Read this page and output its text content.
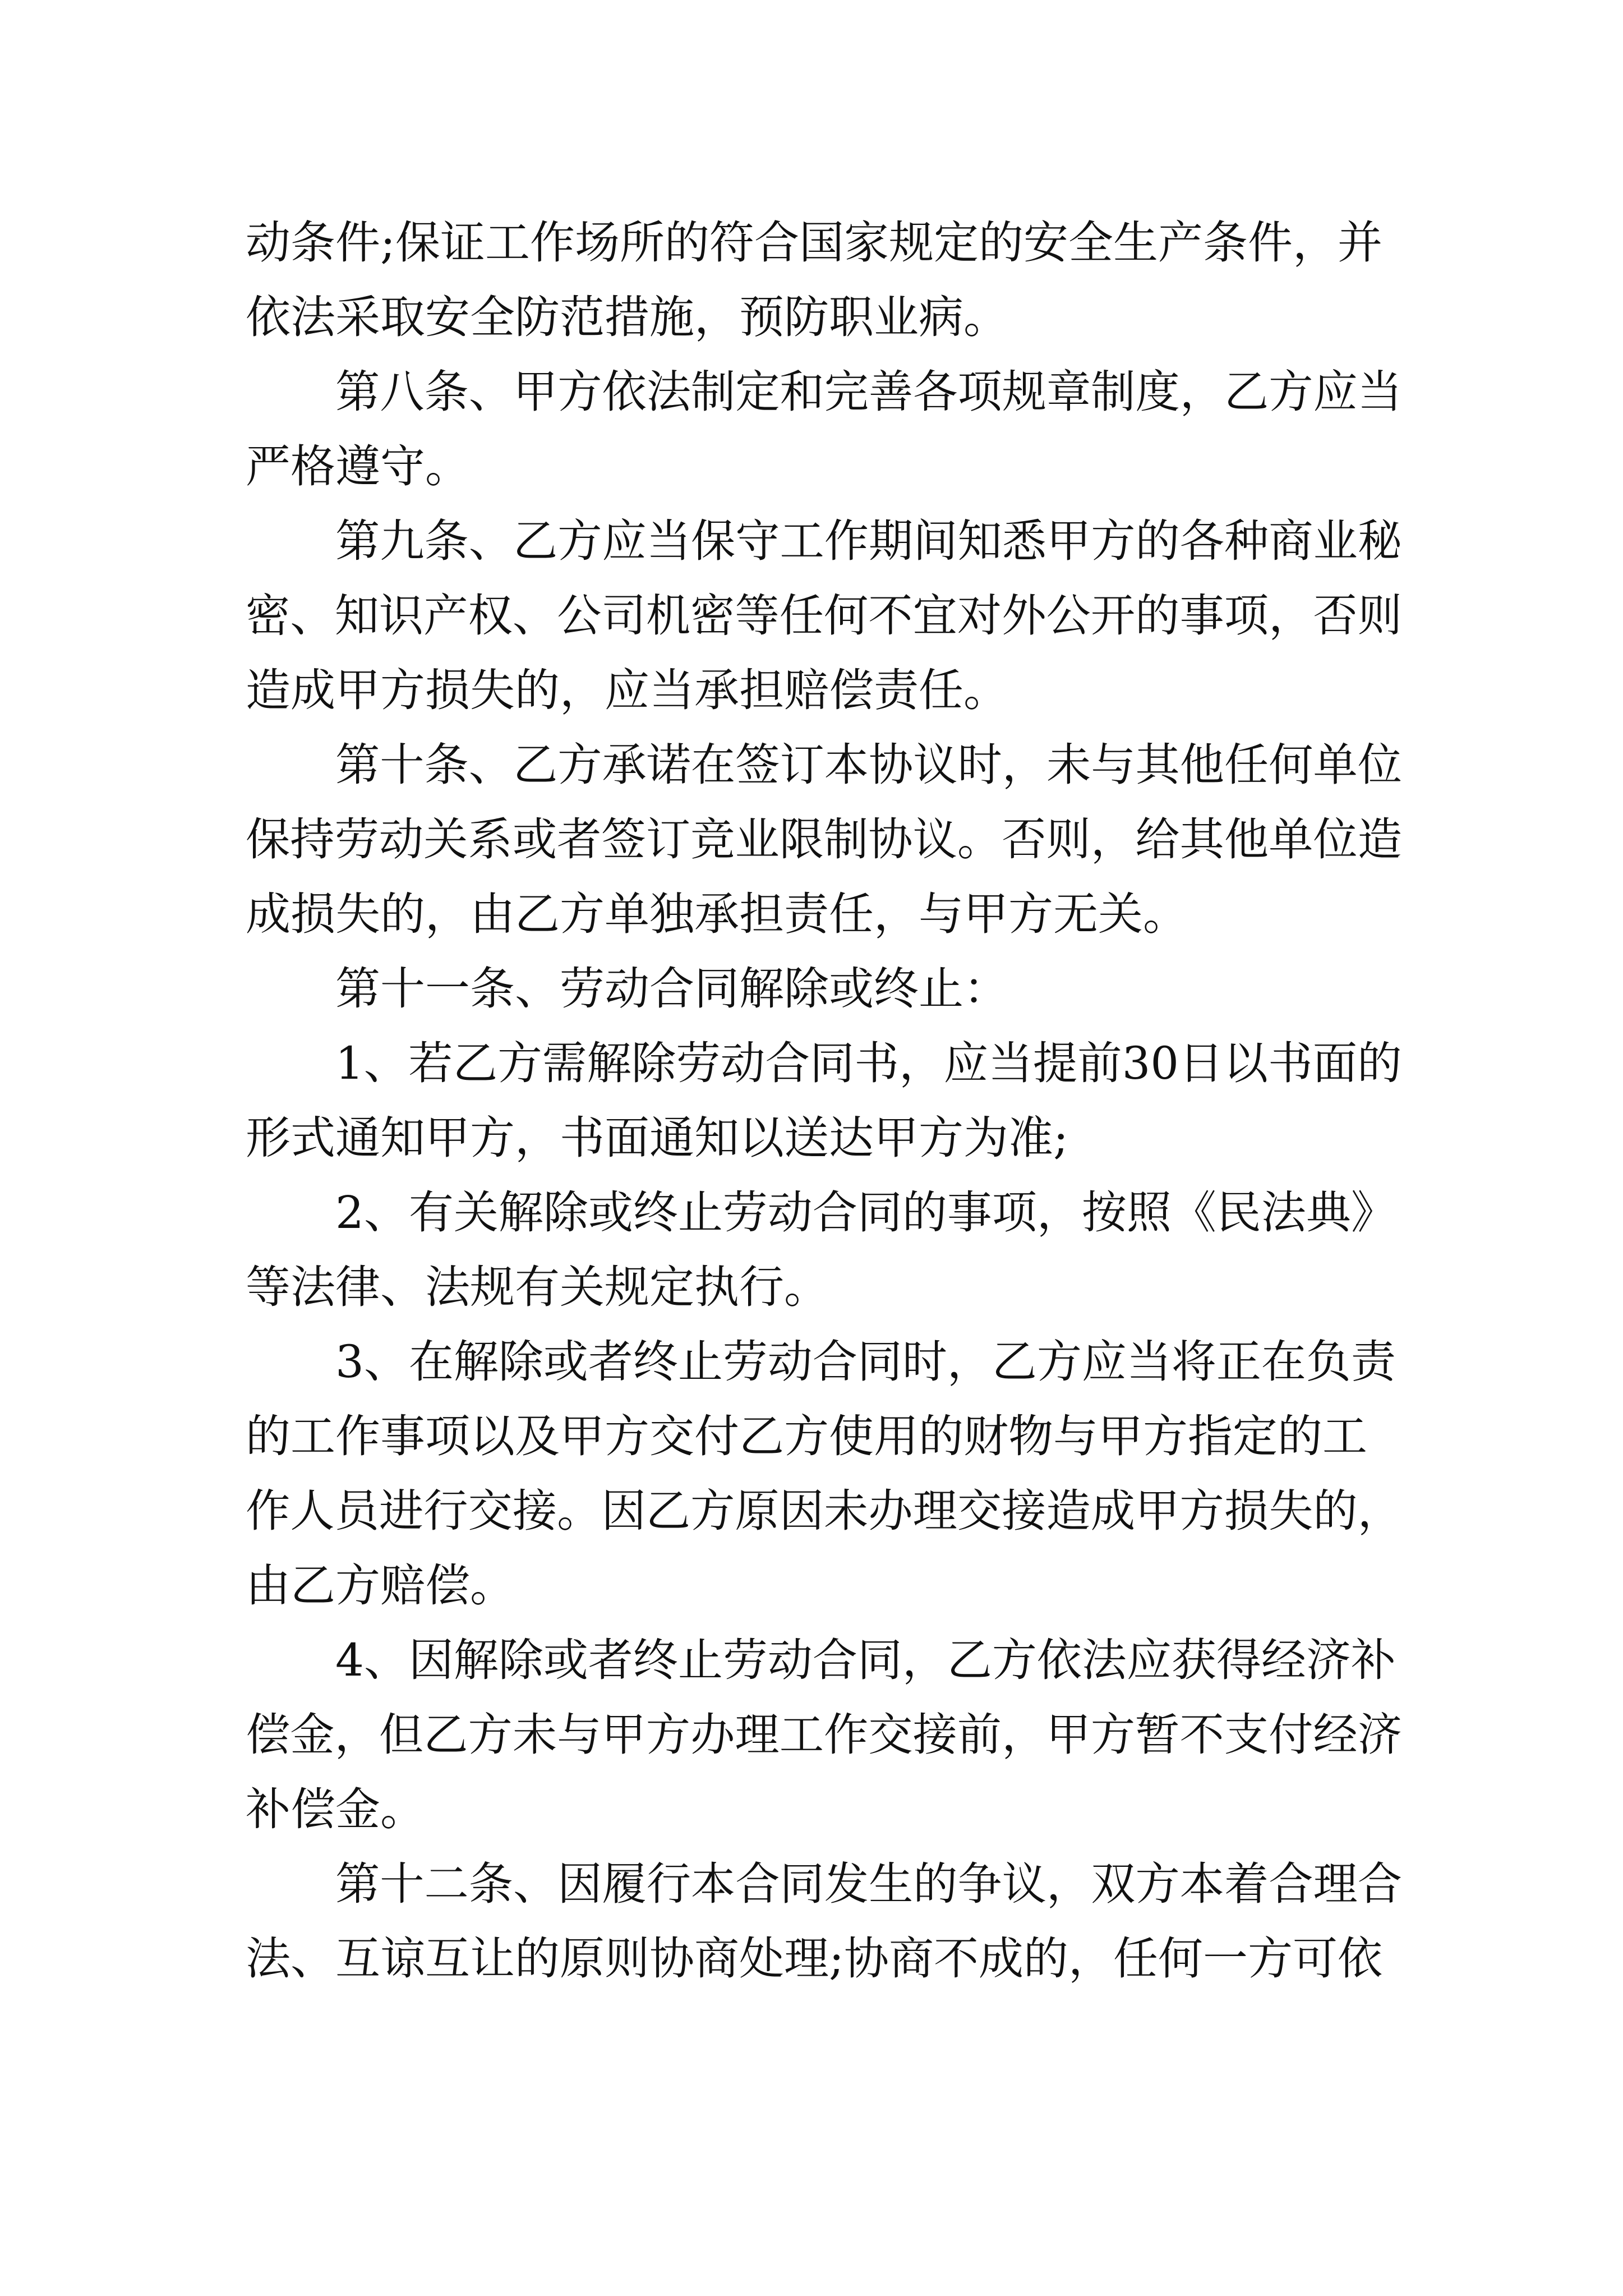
动条件;保证工作场所的符合国家规定的安全生产条件，并
依法采取安全防范措施，预防职业病。
第八条、甲方依法制定和完善各项规章制度，乙方应当
严格遵守。
第九条、乙方应当保守工作期间知悉甲方的各种商业秘
密、知识产权、公司机密等任何不宜对外公开的事项，否则
造成甲方损失的，应当承担赔偿责任。
第十条、乙方承诺在签订本协议时，未与其他任何单位
保持劳动关系或者签订竞业限制协议。否则，给其他单位造
成损失的，由乙方单独承担责任，与甲方无关。
第十一条、劳动合同解除或终止：
1、若乙方需解除劳动合同书，应当提前30日以书面的
形式通知甲方，书面通知以送达甲方为准;
2、有关解除或终止劳动合同的事项，按照《民法典》
等法律、法规有关规定执行。
3、在解除或者终止劳动合同时，乙方应当将正在负责
的工作事项以及甲方交付乙方使用的财物与甲方指定的工
作人员进行交接。因乙方原因未办理交接造成甲方损失的，
由乙方赔偿。
4、因解除或者终止劳动合同，乙方依法应获得经济补
偿金，但乙方未与甲方办理工作交接前，甲方暂不支付经济
补偿金。
第十二条、因履行本合同发生的争议，双方本着合理合
法、互谅互让的原则协商处理;协商不成的，任何一方可依
